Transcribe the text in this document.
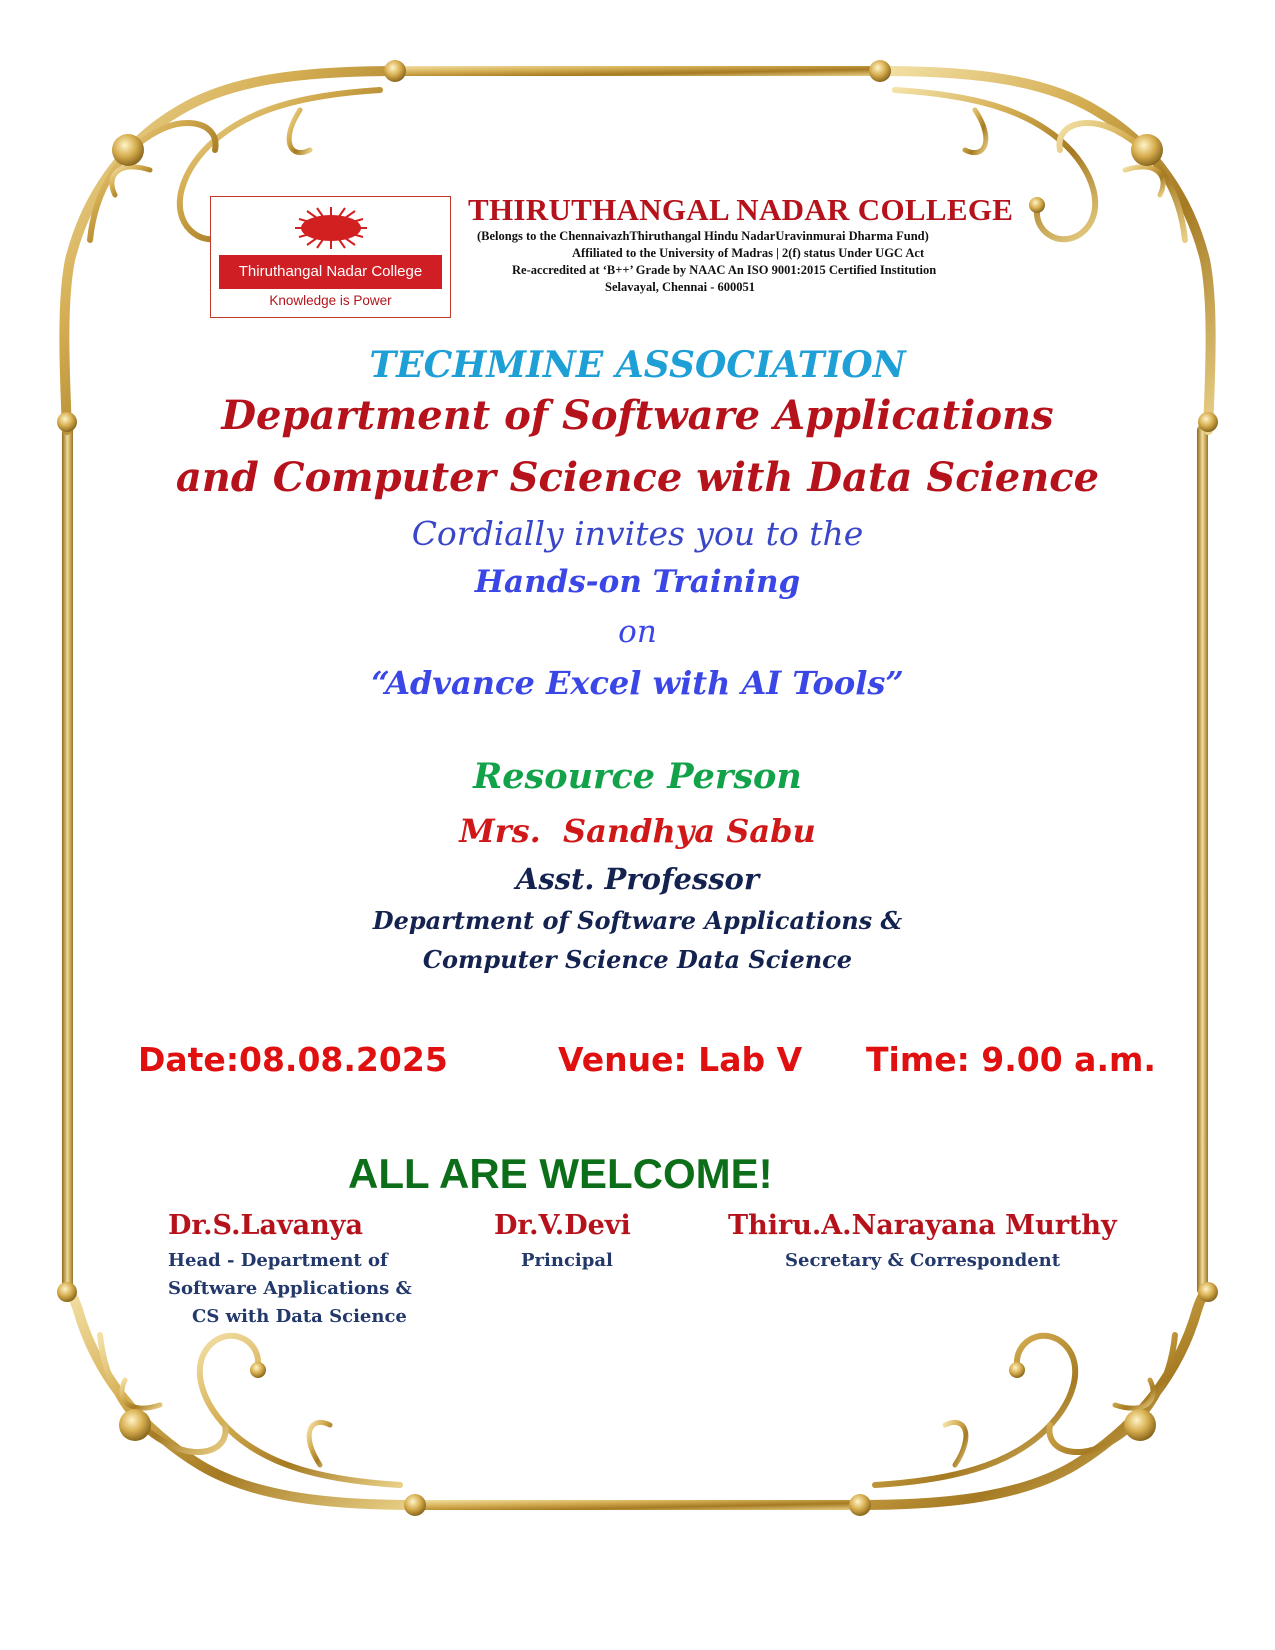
Thiruthangal Nadar College
Knowledge is Power
THIRUTHANGAL NADAR COLLEGE
(Belongs to the ChennaivazhThiruthangal Hindu NadarUravinmurai Dharma Fund)
Affiliated to the University of Madras | 2(f) status Under UGC Act
Re-accredited at ‘B++’ Grade by NAAC An ISO 9001:2015 Certified Institution
Selavayal, Chennai - 600051
TECHMINE ASSOCIATION
Department of Software Applications
and Computer Science with Data Science
Cordially invites you to the
Hands-on Training
on
“Advance Excel with AI Tools”
Resource Person
Mrs.  Sandhya Sabu
Asst. Professor
Department of Software Applications &
Computer Science Data Science
Date:08.08.2025	Venue: Lab V Time: 9.00 a.m.
ALL ARE WELCOME!
Dr.S.Lavanya
Head - Department of
Software Applications &
CS with Data Science
Dr.V.Devi
Principal
Thiru.A.Narayana Murthy
Secretary & Correspondent
